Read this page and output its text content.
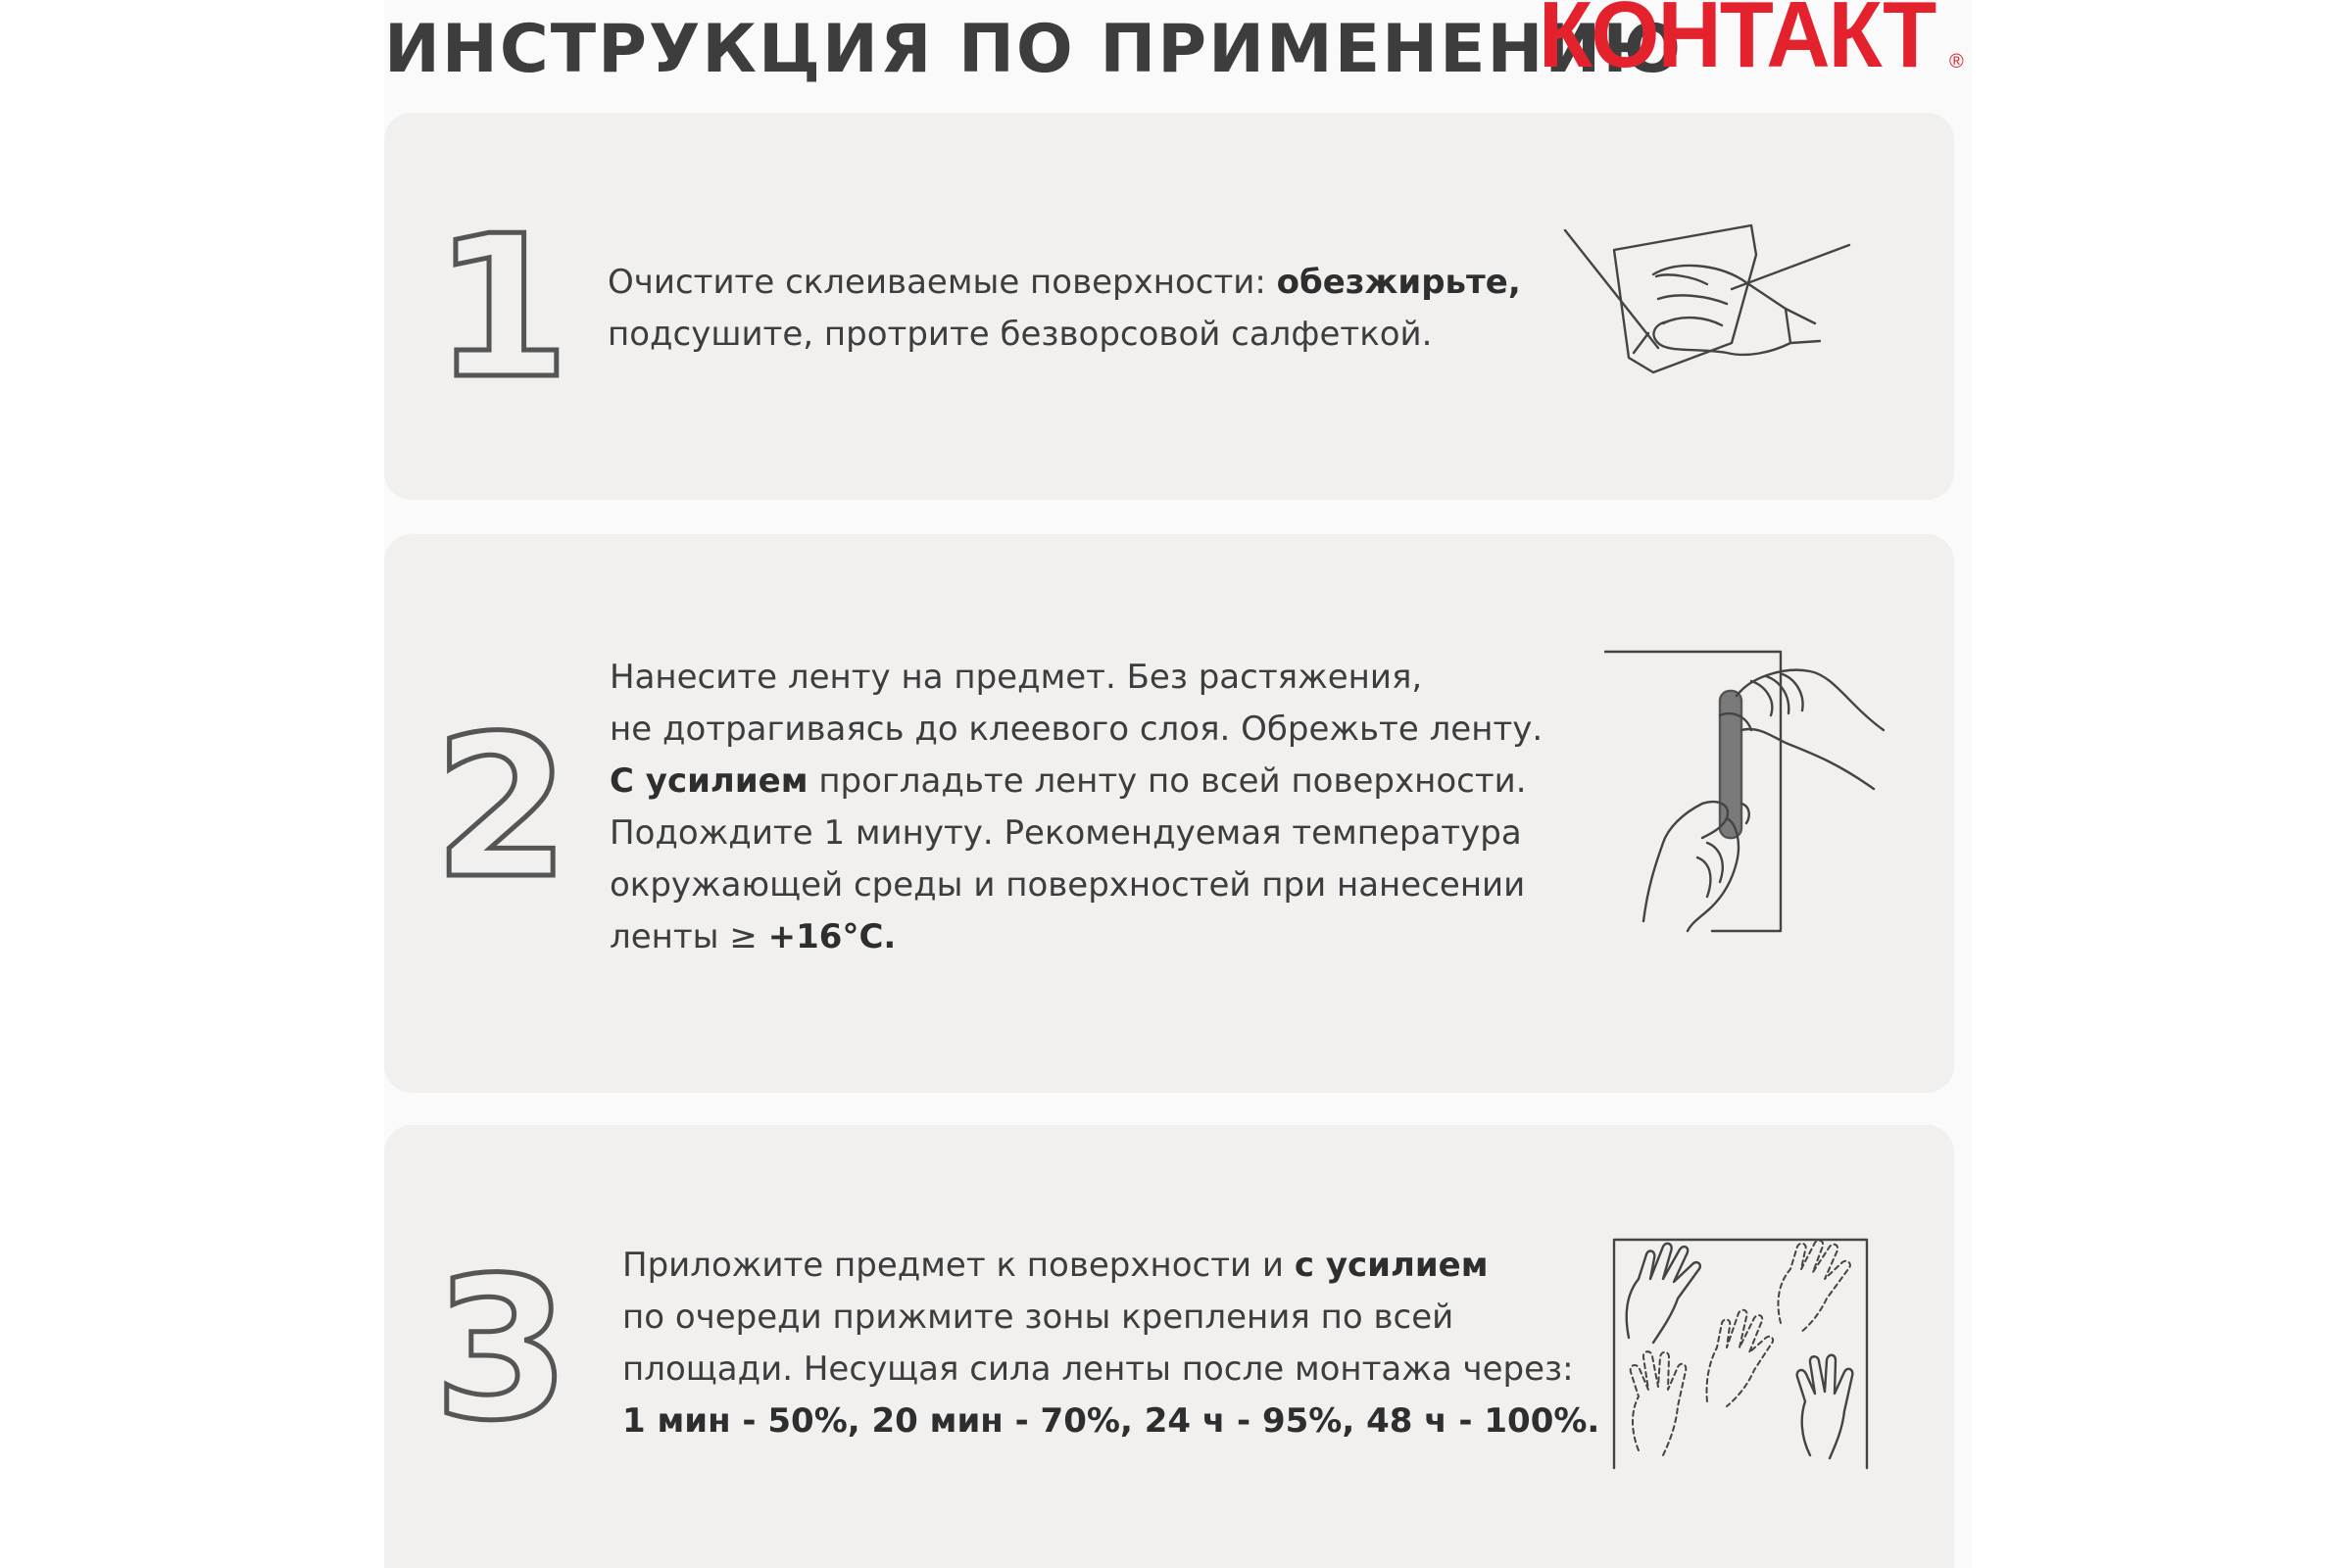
ИНСТРУКЦИЯ ПО ПРИМЕНЕНИЮ
КОНТАКТ ®
1 Очистите склеиваемые поверхности: обезжирьте,
подсушите, протрите безворсовой салфеткой.
2
Нанесите ленту на предмет. Без растяжения,
не дотрагиваясь до клеевого слоя. Обрежьте ленту.
С усилием прогладьте ленту по всей поверхности.
Подождите 1 минуту. Рекомендуемая температура
окружающей среды и поверхностей при нанесении
ленты ≥ +16°C.
3 Приложите предмет к поверхности и с усилием
по очереди прижмите зоны крепления по всей
площади. Несущая сила ленты после монтажа через:
1 мин - 50%, 20 мин - 70%, 24 ч - 95%, 48 ч - 100%.
